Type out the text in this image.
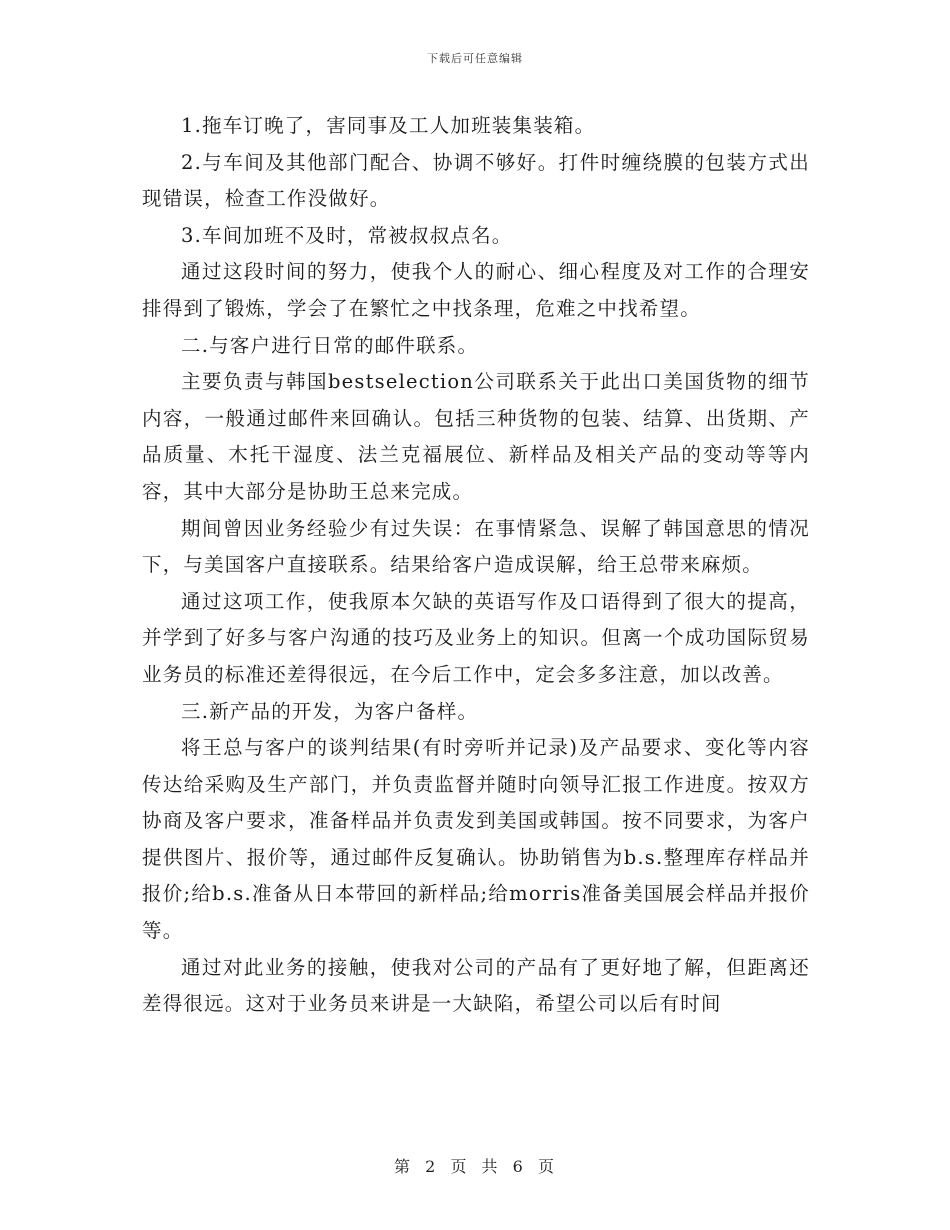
下载后可任意编辑

1.拖车订晚了，害同事及工人加班装集装箱。

2.与车间及其他部门配合、协调不够好。打件时缠绕膜的包装方式出现错误，检查工作没做好。

3.车间加班不及时，常被叔叔点名。

通过这段时间的努力，使我个人的耐心、细心程度及对工作的合理安排得到了锻炼，学会了在繁忙之中找条理，危难之中找希望。

二.与客户进行日常的邮件联系。

主要负责与韩国bestselection公司联系关于此出口美国货物的细节内容，一般通过邮件来回确认。包括三种货物的包装、结算、出货期、产品质量、木托干湿度、法兰克福展位、新样品及相关产品的变动等等内容，其中大部分是协助王总来完成。

期间曾因业务经验少有过失误：在事情紧急、误解了韩国意思的情况下，与美国客户直接联系。结果给客户造成误解，给王总带来麻烦。

通过这项工作，使我原本欠缺的英语写作及口语得到了很大的提高，并学到了好多与客户沟通的技巧及业务上的知识。但离一个成功国际贸易业务员的标准还差得很远，在今后工作中，定会多多注意，加以改善。

三.新产品的开发，为客户备样。

将王总与客户的谈判结果(有时旁听并记录)及产品要求、变化等内容传达给采购及生产部门，并负责监督并随时向领导汇报工作进度。按双方协商及客户要求，准备样品并负责发到美国或韩国。按不同要求，为客户提供图片、报价等，通过邮件反复确认。协助销售为b.s.整理库存样品并报价;给b.s.准备从日本带回的新样品;给morris准备美国展会样品并报价等。

通过对此业务的接触，使我对公司的产品有了更好地了解，但距离还差得很远。这对于业务员来讲是一大缺陷，希望公司以后有时间

第 2 页 共 6 页
